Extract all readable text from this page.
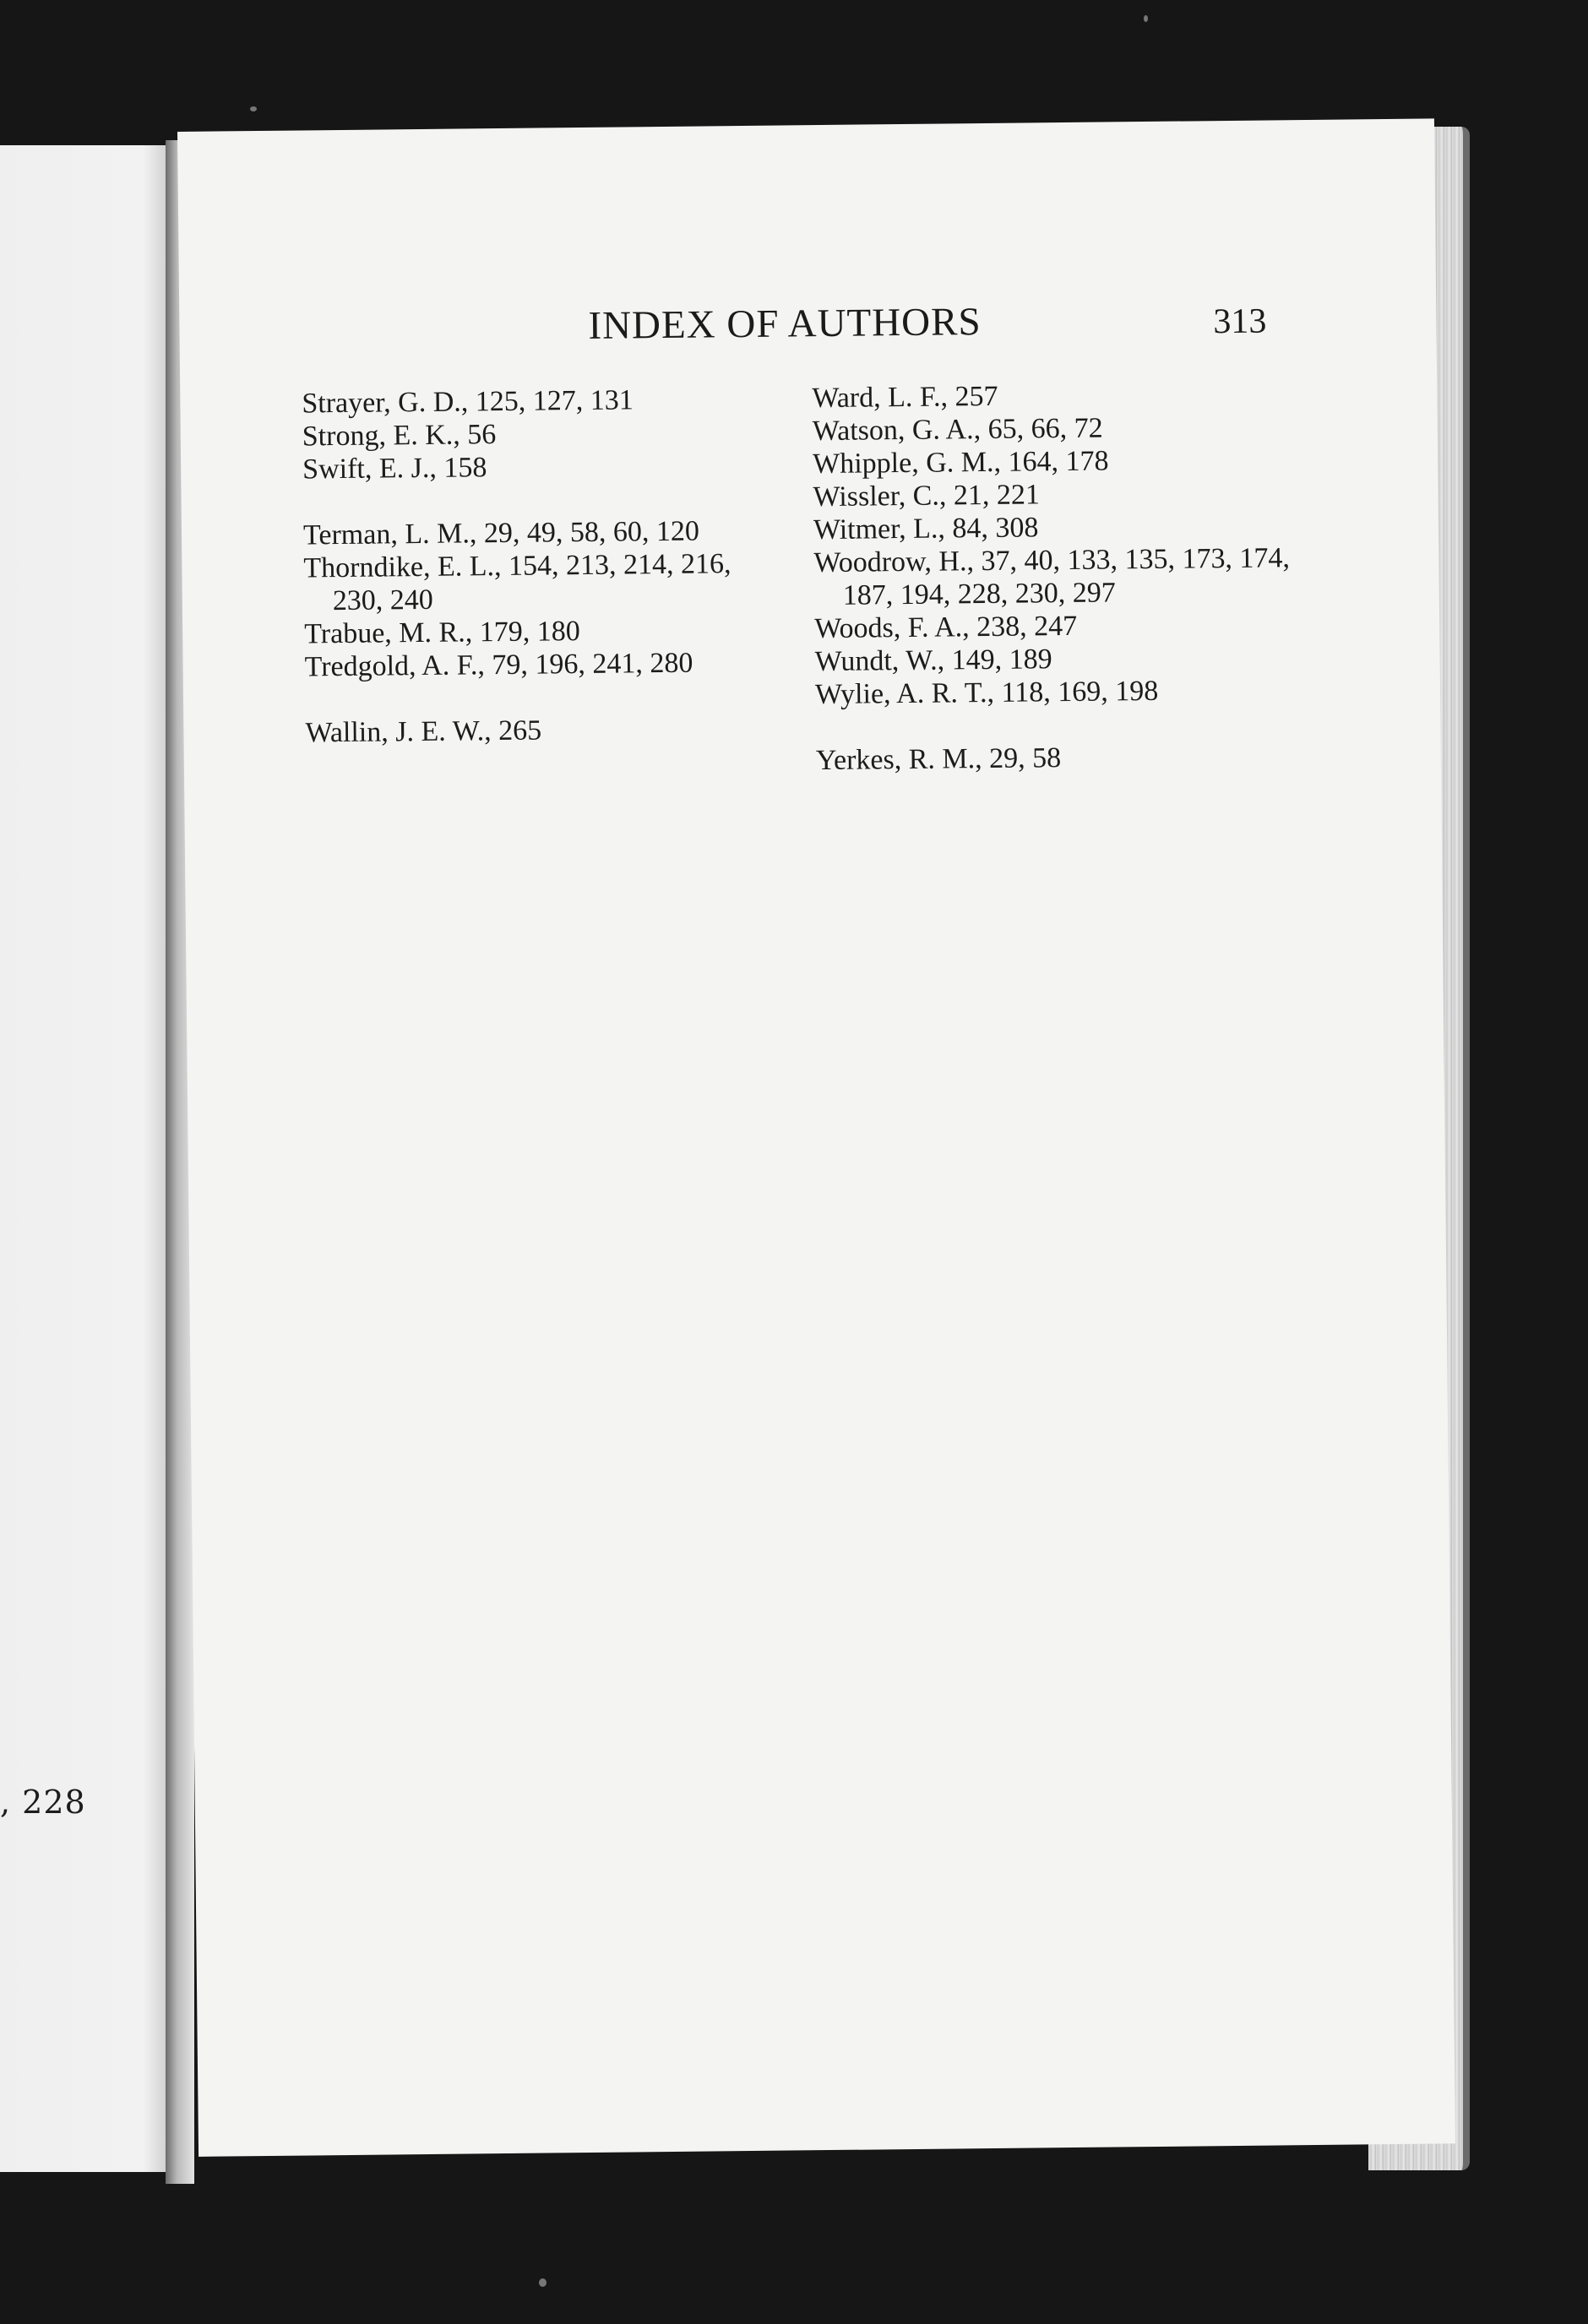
, 228
INDEX OF AUTHORS	313

Strayer, G. D., 125, 127, 131

Strong, E. K., 56

Swift, E. J., 158

Terman, L. M., 29, 49, 58, 60, 120

Thorndike, E. L., 154, 213, 214, 216, 230, 240

Trabue, M. R., 179, 180

Tredgold, A. F., 79, 196, 241, 280

Wallin, J. E. W., 265

Ward, L. F., 257

Watson, G. A., 65, 66, 72

Whipple, G. M., 164, 178

Wissler, C., 21, 221

Witmer, L., 84, 308

Woodrow, H., 37, 40, 133, 135, 173, 174, 187, 194, 228, 230, 297

Woods, F. A., 238, 247

Wundt, W., 149, 189

Wylie, A. R. T., 118, 169, 198

Yerkes, R. M., 29, 58
